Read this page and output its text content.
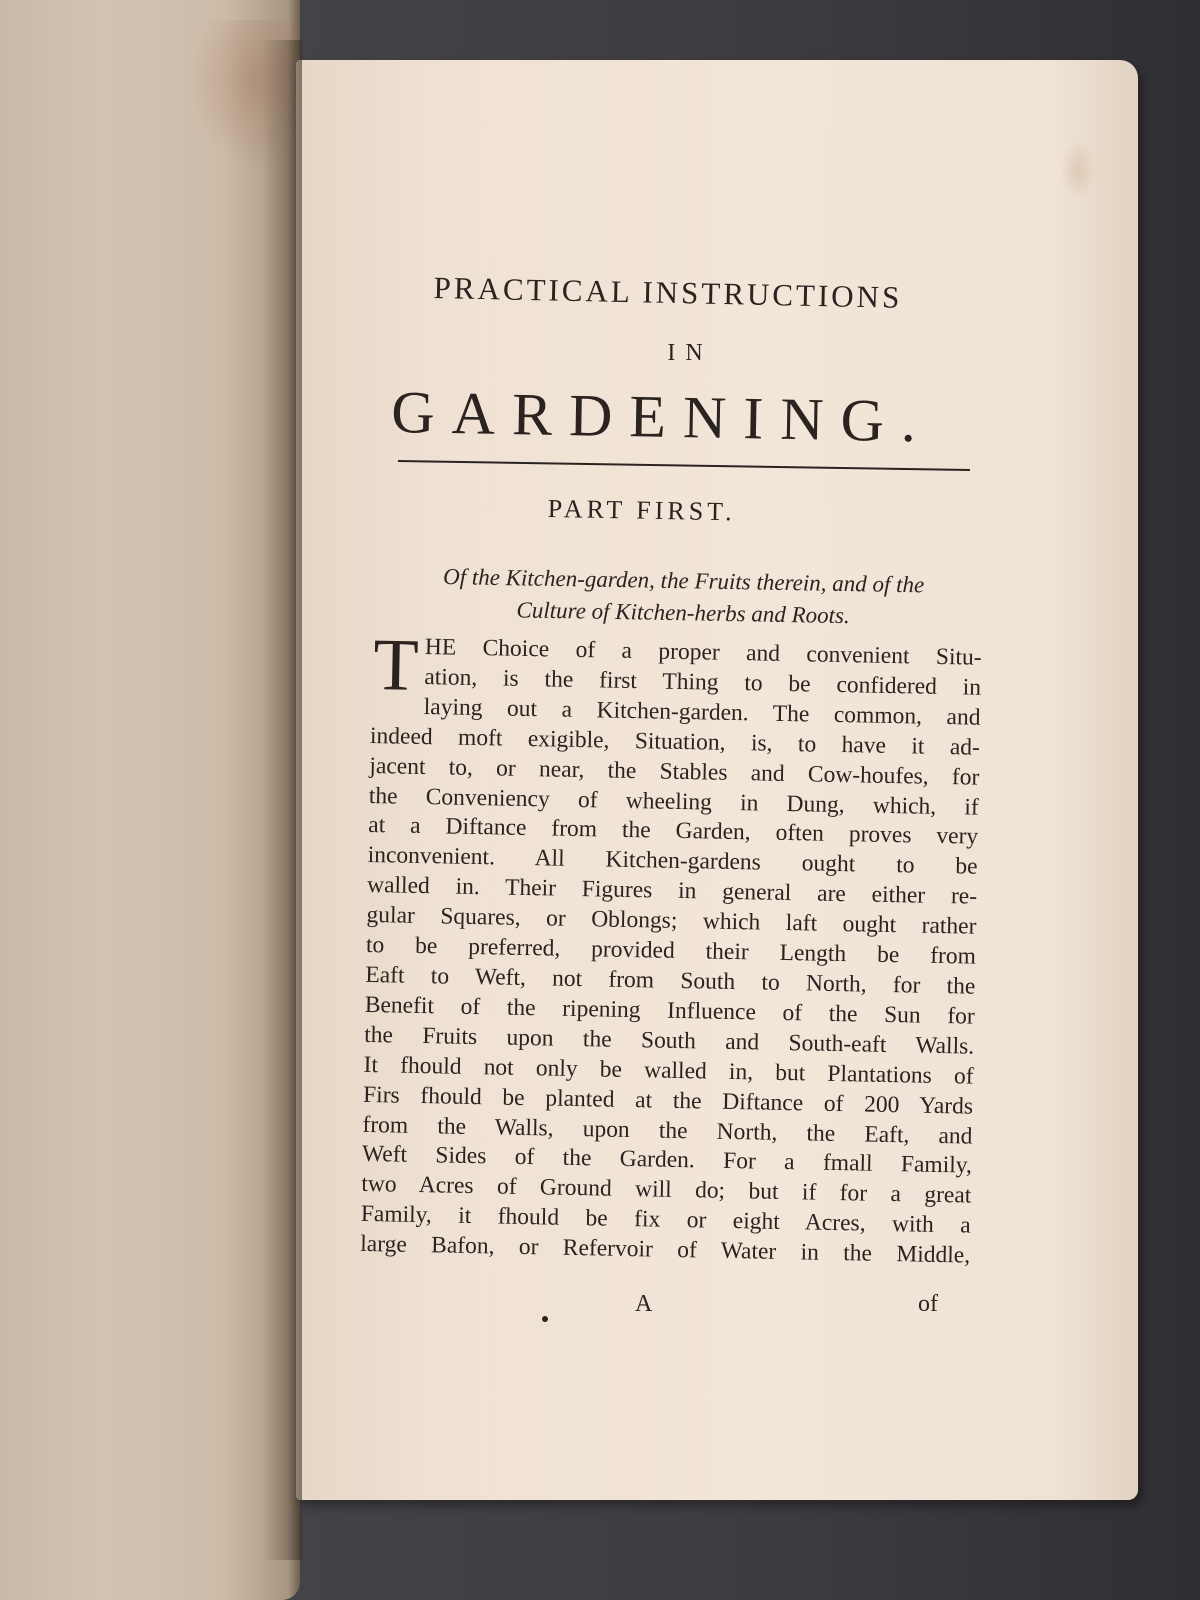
PRACTICAL INSTRUCTIONS
IN
GARDENING.
PART FIRST.
Of the Kitchen-garden, the Fruits therein, and of the
Culture of Kitchen-herbs and Roots.
T HE Choice of a proper and convenient Situ-
ation, is the first Thing to be confidered in
laying out a Kitchen-garden. The common, and
indeed moft exigible, Situation, is, to have it ad-
jacent to, or near, the Stables and Cow-houfes, for
the Conveniency of wheeling in Dung, which, if
at a Diftance from the Garden, often proves very
inconvenient. All Kitchen-gardens ought to be
walled in. Their Figures in general are either re-
gular Squares, or Oblongs; which laft ought rather
to be preferred, provided their Length be from
Eaft to Weft, not from South to North, for the
Benefit of the ripening Influence of the Sun for
the Fruits upon the South and South-eaft Walls.
It fhould not only be walled in, but Plantations of
Firs fhould be planted at the Diftance of 200 Yards
from the Walls, upon the North, the Eaft, and
Weft Sides of the Garden. For a fmall Family,
two Acres of Ground will do; but if for a great
Family, it fhould be fix or eight Acres, with a
large Bafon, or Refervoir of Water in the Middle,
A	of
